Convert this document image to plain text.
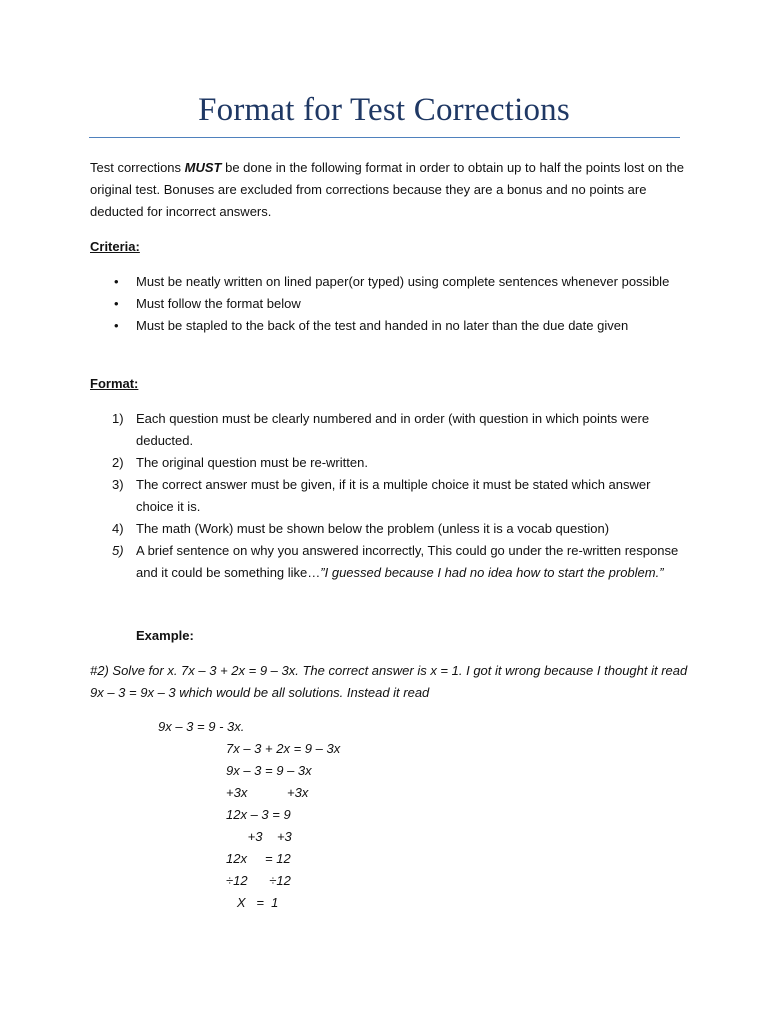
Format for Test Corrections
Test corrections MUST be done in the following format in order to obtain up to half the points lost on the original test. Bonuses are excluded from corrections because they are a bonus and no points are deducted for incorrect answers.
Criteria:
• Must be neatly written on lined paper(or typed) using complete sentences whenever possible
• Must follow the format below
• Must be stapled to the back of the test and handed in no later than the due date given
Format:
1) Each question must be clearly numbered and in order (with question in which points were deducted.
2) The original question must be re-written.
3) The correct answer must be given, if it is a multiple choice it must be stated which answer choice it is.
4) The math (Work) must be shown below the problem (unless it is a vocab question)
5) A brief sentence on why you answered incorrectly, This could go under the re-written response and it could be something like…”I guessed because I had no idea how to start the problem.”
Example:
#2) Solve for x. 7x – 3 + 2x = 9 – 3x. The correct answer is x = 1. I got it wrong because I thought it read 9x – 3 = 9x – 3 which would be all solutions. Instead it read
9x – 3 = 9 - 3x.
7x – 3 + 2x = 9 – 3x
9x – 3 = 9 – 3x
+3x           +3x
12x – 3 = 9
+3    +3
12x     = 12
÷12      ÷12
X   =  1
